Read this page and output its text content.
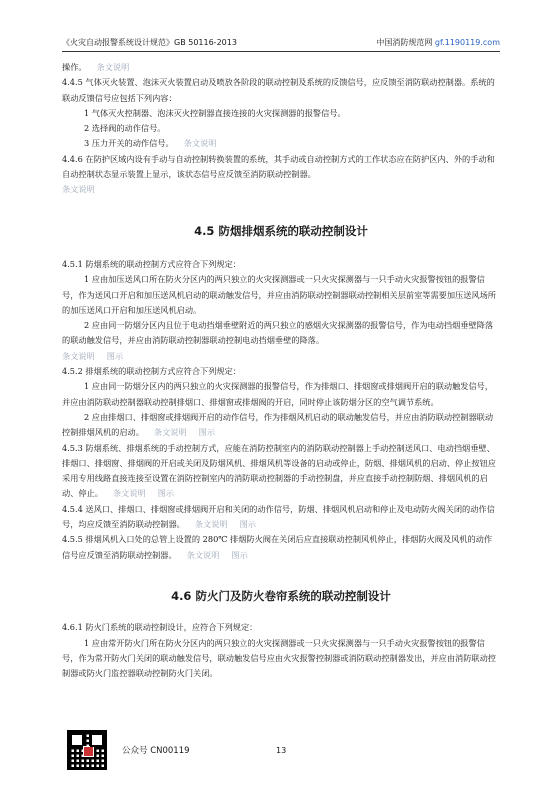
《火灾自动报警系统设计规范》GB 50116-2013	中国消防规范网 gf.1190119.com

操作。 条文说明

4.4.5 气体灭火装置、泡沫灭火装置启动及喷放各阶段的联动控制及系统的反馈信号，应反馈至消防联动控制器。系统的联动反馈信号应包括下列内容：

1 气体灭火控制器、泡沫灭火控制器直接连接的火灾探测器的报警信号。

2 选择阀的动作信号。

3 压力开关的动作信号。 条文说明

4.4.6 在防护区域内设有手动与自动控制转换装置的系统，其手动或自动控制方式的工作状态应在防护区内、外的手动和自动控制状态显示装置上显示，该状态信号应反馈至消防联动控制器。

条文说明

4.5 防烟排烟系统的联动控制设计

4.5.1 防烟系统的联动控制方式应符合下列规定：

1 应由加压送风口所在防火分区内的两只独立的火灾探测器或一只火灾探测器与一只手动火灾报警按钮的报警信号，作为送风口开启和加压送风机启动的联动触发信号，并应由消防联动控制器联动控制相关层前室等需要加压送风场所的加压送风口开启和加压送风机启动。

2 应由同一防烟分区内且位于电动挡烟垂壁附近的两只独立的感烟火灾探测器的报警信号，作为电动挡烟垂壁降落的联动触发信号，并应由消防联动控制器联动控制电动挡烟垂壁的降落。

条文说明 图示

4.5.2 排烟系统的联动控制方式应符合下列规定：

1 应由同一防烟分区内的两只独立的火灾探测器的报警信号，作为排烟口、排烟窗或排烟阀开启的联动触发信号，并应由消防联动控制器联动控制排烟口、排烟窗或排烟阀的开启，同时停止该防烟分区的空气调节系统。

2 应由排烟口、排烟窗或排烟阀开启的动作信号，作为排烟风机启动的联动触发信号，并应由消防联动控制器联动控制排烟风机的启动。 条文说明 图示

4.5.3 防烟系统、排烟系统的手动控制方式，应能在消防控制室内的消防联动控制器上手动控制送风口、电动挡烟垂壁、排烟口、排烟窗、排烟阀的开启或关闭及防烟风机、排烟风机等设备的启动或停止，防烟、排烟风机的启动、停止按钮应采用专用线路直接连接至设置在消防控制室内的消防联动控制器的手动控制盘，并应直接手动控制防烟、排烟风机的启动、停止。 条文说明 图示

4.5.4 送风口、排烟口、排烟窗或排烟阀开启和关闭的动作信号，防烟、排烟风机启动和停止及电动防火阀关闭的动作信号，均应反馈至消防联动控制器。 条文说明 图示

4.5.5 排烟风机入口处的总管上设置的 280℃ 排烟防火阀在关闭后应直接联动控制风机停止，排烟防火阀及风机的动作信号应反馈至消防联动控制器。 条文说明 图示

4.6 防火门及防火卷帘系统的联动控制设计

4.6.1 防火门系统的联动控制设计，应符合下列规定：

1 应由常开防火门所在防火分区内的两只独立的火灾探测器或一只火灾探测器与一只手动火灾报警按钮的报警信号，作为常开防火门关闭的联动触发信号，联动触发信号应由火灾报警控制器或消防联动控制器发出，并应由消防联动控制器或防火门监控器联动控制防火门关闭。

公众号 CN00119	13
